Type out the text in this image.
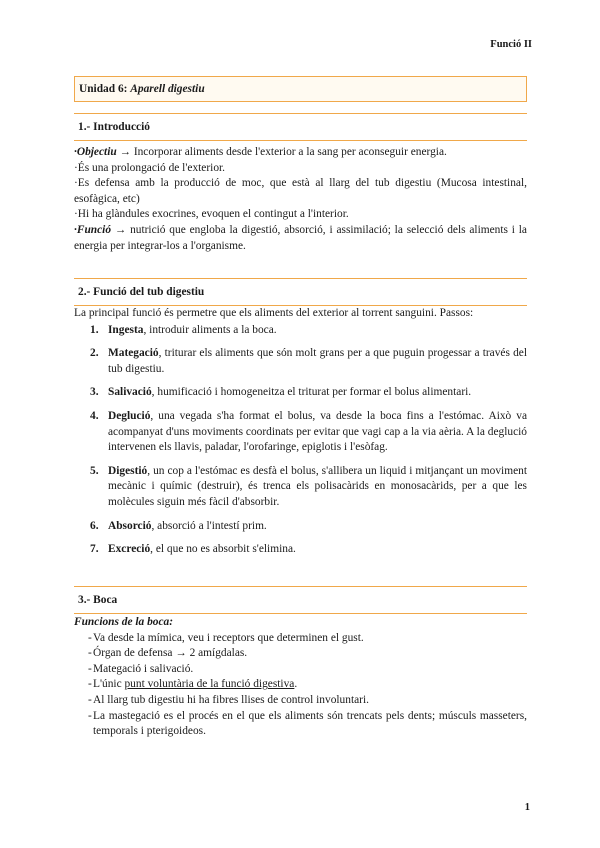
Funció II
Unidad 6: Aparell digestiu
1.- Introducció

·Objectiu → Incorporar aliments desde l'exterior a la sang per aconseguir energia.

·És una prolongació de l'exterior.

·Es defensa amb la producció de moc, que està al llarg del tub digestiu (Mucosa intestinal, esofàgica, etc)

·Hi ha glàndules exocrines, evoquen el contingut a l'interior.

·Funció → nutrició que engloba la digestió, absorció, i assimilació; la selecció dels aliments i la energia per integrar-los a l'organisme.

2.- Funció del tub digestiu

La principal funció és permetre que els aliments del exterior al torrent sanguini. Passos:

1. Ingesta, introduir aliments a la boca.
2. Mategació, triturar els aliments que són molt grans per a que puguin progessar a través del tub digestiu.
3. Salivació, humificació i homogeneitza el triturat per formar el bolus alimentari.
4. Deglució, una vegada s'ha format el bolus, va desde la boca fins a l'estómac. Això va acompanyat d'uns moviments coordinats per evitar que vagi cap a la via aèria. A la deglució intervenen els llavis, paladar, l'orofaringe, epiglotis i l'esòfag.
5. Digestió, un cop a l'estómac es desfà el bolus, s'allibera un liquid i mitjançant un moviment mecànic i químic (destruir), és trenca els polisacàrids en monosacàrids, per a que les molècules siguin més fàcil d'absorbir.
6. Absorció, absorció a l'intestí prim.
7. Excreció, el que no es absorbit s'elimina.
3.- Boca

Funcions de la boca:

- Va desde la mímica, veu i receptors que determinen el gust.
- Órgan de defensa → 2 amígdalas.
- Mategació i salivació.
- L'únic punt voluntària de la funció digestiva.
- Al llarg tub digestiu hi ha fibres llises de control involuntari.
- La mastegació es el procés en el que els aliments són trencats pels dents; músculs masseters, temporals i pterigoideos.
1
